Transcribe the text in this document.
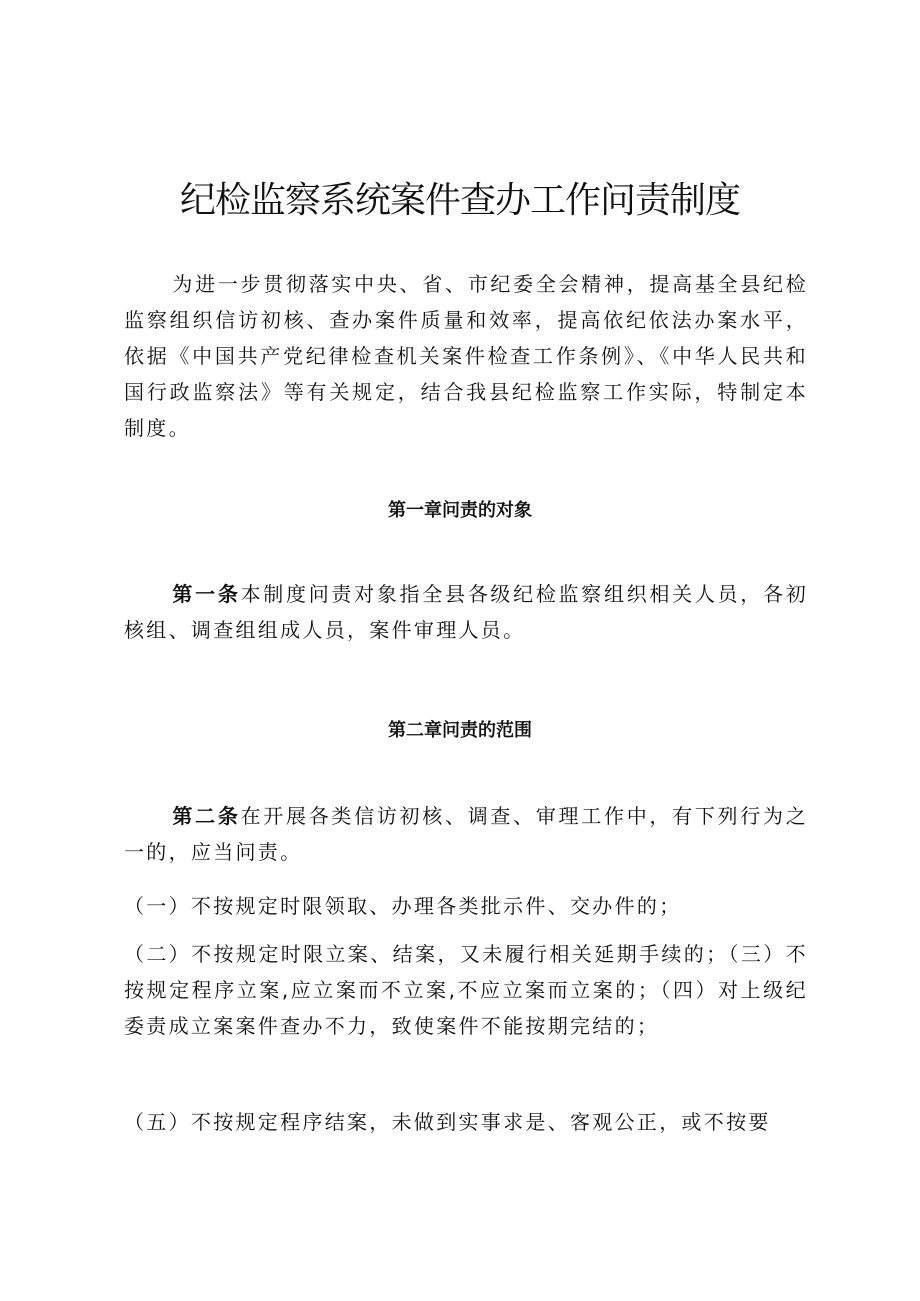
纪检监察系统案件查办工作问责制度
为进一步贯彻落实中央、省、市纪委全会精神，提高基全县纪检监察组织信访初核、查办案件质量和效率，提高依纪依法办案水平，依据《中国共产党纪律检查机关案件检查工作条例》、《中华人民共和国行政监察法》等有关规定，结合我县纪检监察工作实际，特制定本制度。
第一章问责的对象
第一条本制度问责对象指全县各级纪检监察组织相关人员，各初核组、调查组组成人员，案件审理人员。
第二章问责的范围
第二条在开展各类信访初核、调查、审理工作中，有下列行为之一的，应当问责。
（一）不按规定时限领取、办理各类批示件、交办件的；
（二）不按规定时限立案、结案，又未履行相关延期手续的；（三）不按规定程序立案,应立案而不立案,不应立案而立案的；（四）对上级纪委责成立案案件查办不力，致使案件不能按期完结的；
（五）不按规定程序结案，未做到实事求是、客观公正，或不按要
